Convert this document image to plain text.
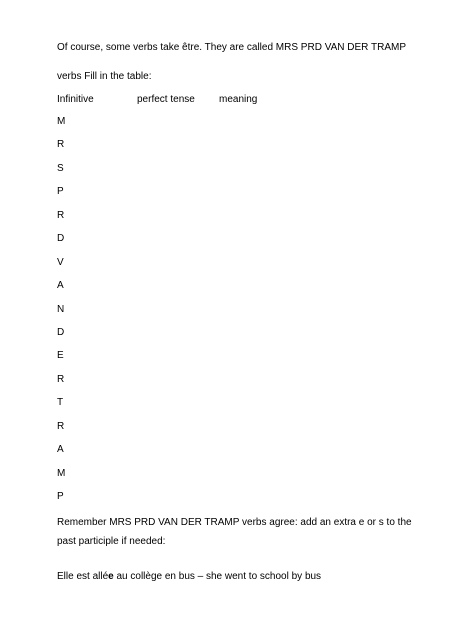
Of course, some verbs take être. They are called MRS PRD VAN DER TRAMP
verbs Fill in the table:
Infinitive	perfect tense meaning
M
R
S
P
R
D
V
A
N
D
E
R
T
R
A
M
P
Remember MRS PRD VAN DER TRAMP verbs agree: add an extra e or s to the
past participle if needed:
Elle est allée au collège en bus – she went to school by bus
